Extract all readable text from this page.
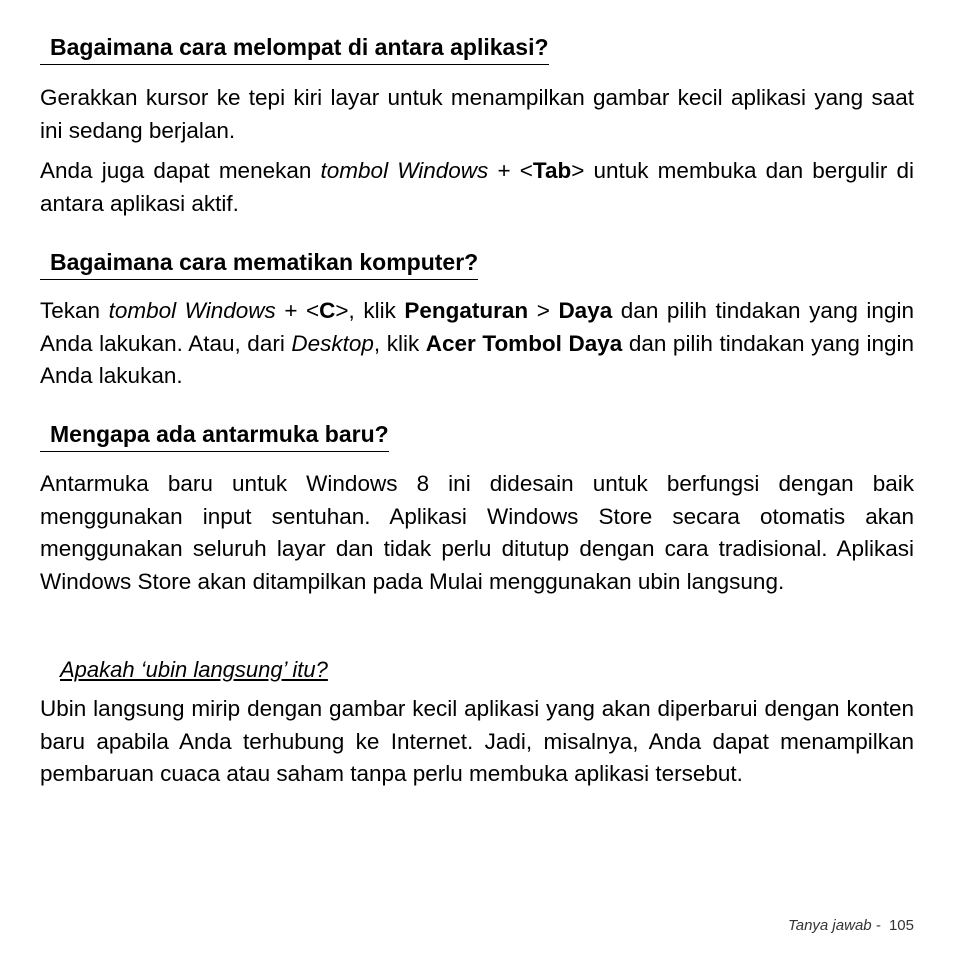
Bagaimana cara melompat di antara aplikasi?

Gerakkan kursor ke tepi kiri layar untuk menampilkan gambar kecil aplikasi yang saat ini sedang berjalan.

Anda juga dapat menekan tombol Windows + <Tab> untuk membuka dan bergulir di antara aplikasi aktif.

Bagaimana cara mematikan komputer?

Tekan tombol Windows + <C>, klik Pengaturan > Daya dan pilih tindakan yang ingin Anda lakukan. Atau, dari Desktop, klik Acer Tombol Daya dan pilih tindakan yang ingin Anda lakukan.

Mengapa ada antarmuka baru?

Antarmuka baru untuk Windows 8 ini didesain untuk berfungsi dengan baik menggunakan input sentuhan. Aplikasi Windows Store secara otomatis akan menggunakan seluruh layar dan tidak perlu ditutup dengan cara tradisional. Aplikasi Windows Store akan ditampilkan pada Mulai menggunakan ubin langsung.

Apakah ‘ubin langsung’ itu?

Ubin langsung mirip dengan gambar kecil aplikasi yang akan diperbarui dengan konten baru apabila Anda terhubung ke Internet. Jadi, misalnya, Anda dapat menampilkan pembaruan cuaca atau saham tanpa perlu membuka aplikasi tersebut.

Tanya jawab - 105
